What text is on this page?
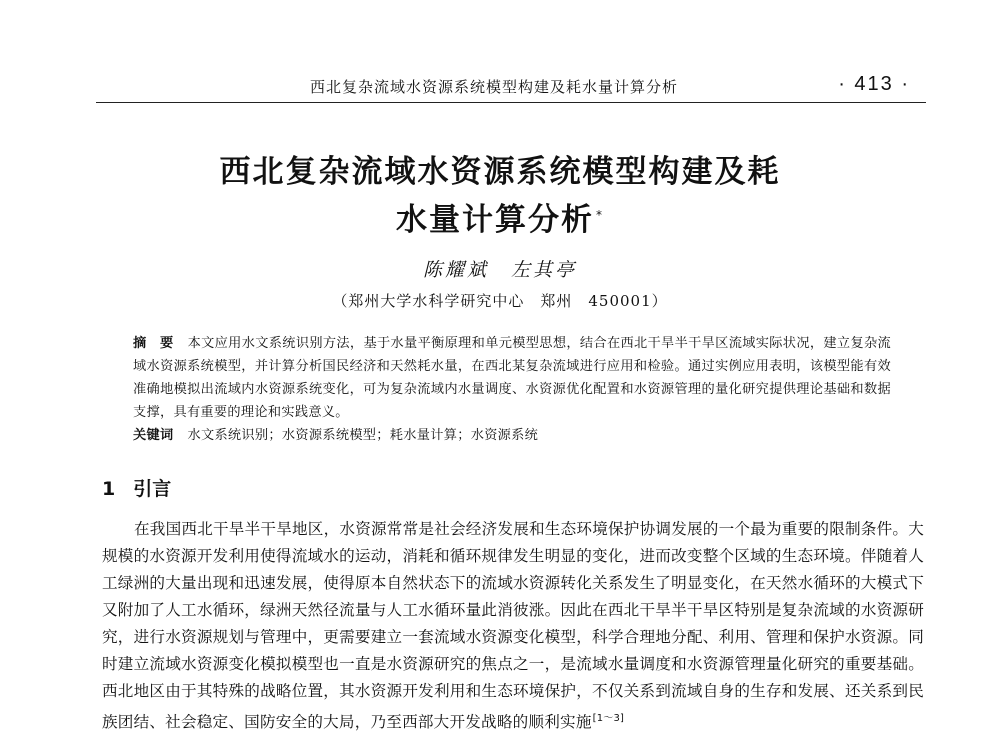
西北复杂流域水资源系统模型构建及耗水量计算分析	· 413 ·
西北复杂流域水资源系统模型构建及耗
水量计算分析 *
陈耀斌　左其亭
（郑州大学水科学研究中心　郑州　450001）

摘　要 本文应用水文系统识别方法，基于水量平衡原理和单元模型思想，结合在西北干旱半干旱区流域实际状况，建立复杂流域水资源系统模型，并计算分析国民经济和天然耗水量，在西北某复杂流域进行应用和检验。通过实例应用表明，该模型能有效准确地模拟出流域内水资源系统变化，可为复杂流域内水量调度、水资源优化配置和水资源管理的量化研究提供理论基础和数据支撑，具有重要的理论和实践意义。

关键词 水文系统识别；水资源系统模型；耗水量计算；水资源系统

1 引言

在我国西北干旱半干旱地区，水资源常常是社会经济发展和生态环境保护协调发展的一个最为重要的限制条件。大规模的水资源开发利用使得流域水的运动，消耗和循环规律发生明显的变化，进而改变整个区域的生态环境。伴随着人工绿洲的大量出现和迅速发展，使得原本自然状态下的流域水资源转化关系发生了明显变化，在天然水循环的大模式下又附加了人工水循环，绿洲天然径流量与人工水循环量此消彼涨。因此在西北干旱半干旱区特别是复杂流域的水资源研究，进行水资源规划与管理中，更需要建立一套流域水资源变化模型，科学合理地分配、利用、管理和保护水资源。同时建立流域水资源变化模拟模型也一直是水资源研究的焦点之一，是流域水量调度和水资源管理量化研究的重要基础。西北地区由于其特殊的战略位置，其水资源开发利用和生态环境保护，不仅关系到流域自身的生存和发展、还关系到民族团结、社会稳定、国防安全的大局，乃至西部大开发战略的顺利实施[1～3]
